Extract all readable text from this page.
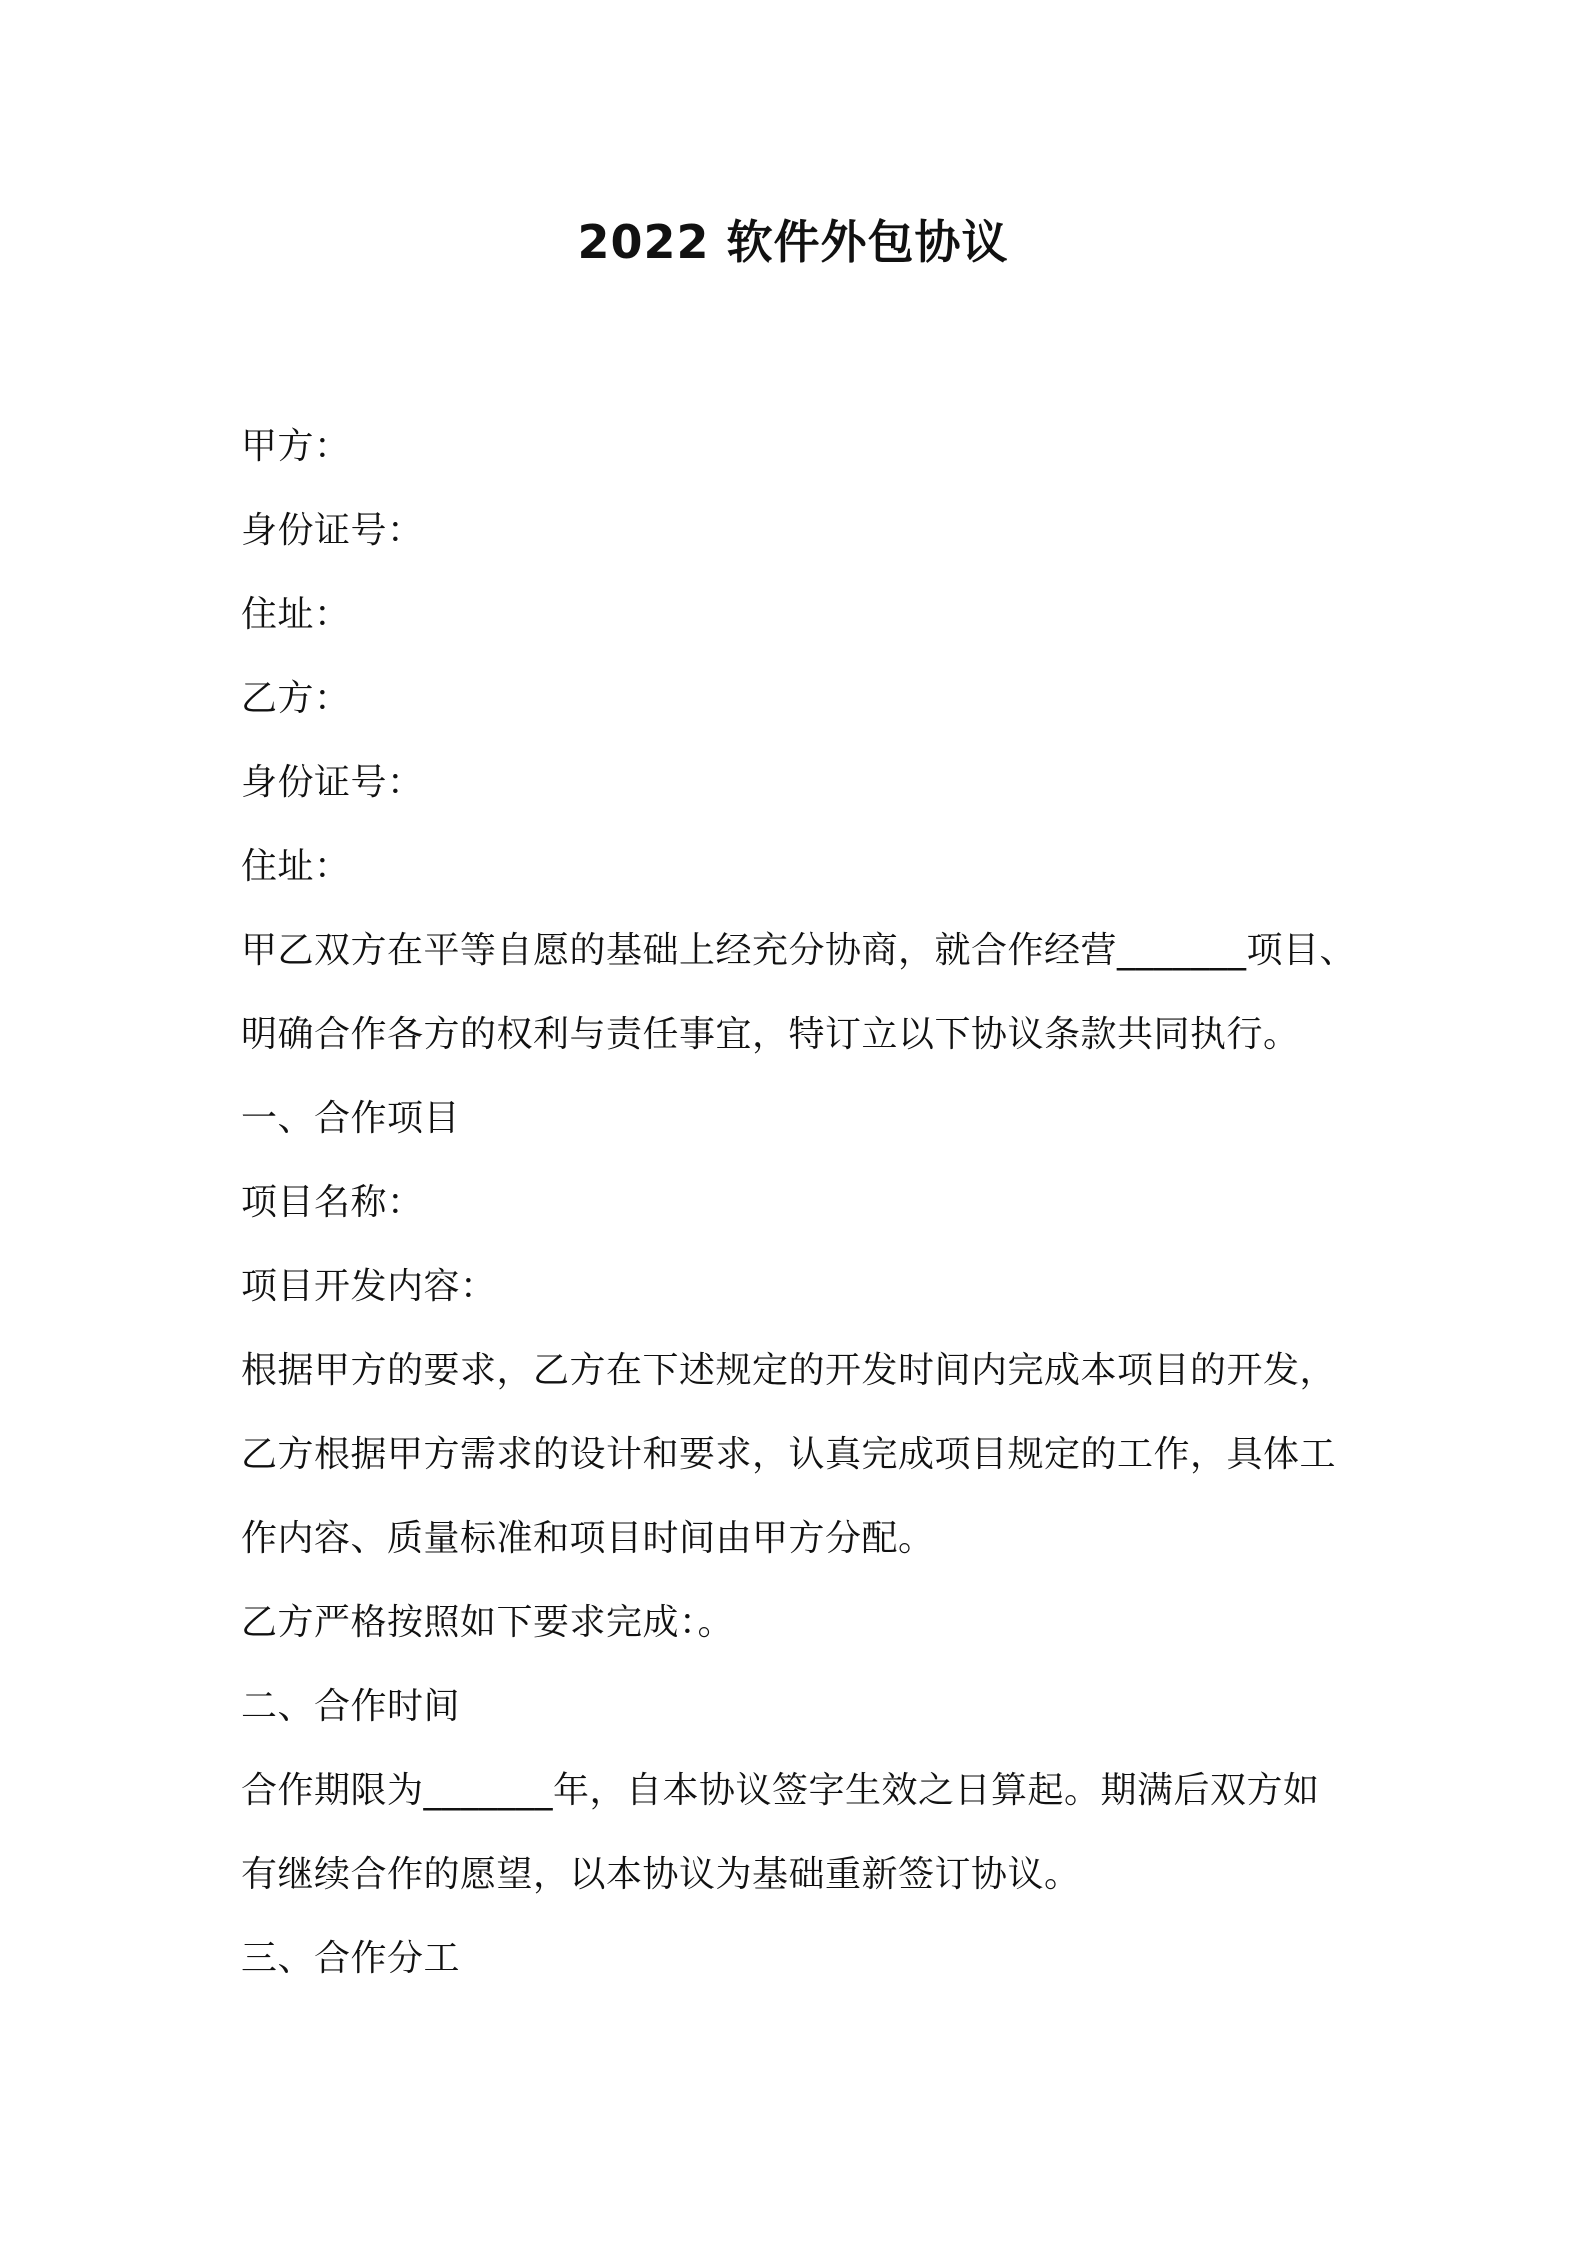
2022 软件外包协议
甲方：
身份证号：
住址：
乙方：
身份证号：
住址：
甲乙双方在平等自愿的基础上经充分协商，就合作经营_______项目、
明确合作各方的权利与责任事宜，特订立以下协议条款共同执行。
一、合作项目
项目名称：
项目开发内容：
根据甲方的要求，乙方在下述规定的开发时间内完成本项目的开发，
乙方根据甲方需求的设计和要求，认真完成项目规定的工作，具体工
作内容、质量标准和项目时间由甲方分配。
乙方严格按照如下要求完成：。
二、合作时间
合作期限为_______年，自本协议签字生效之日算起。期满后双方如
有继续合作的愿望，以本协议为基础重新签订协议。
三、合作分工
